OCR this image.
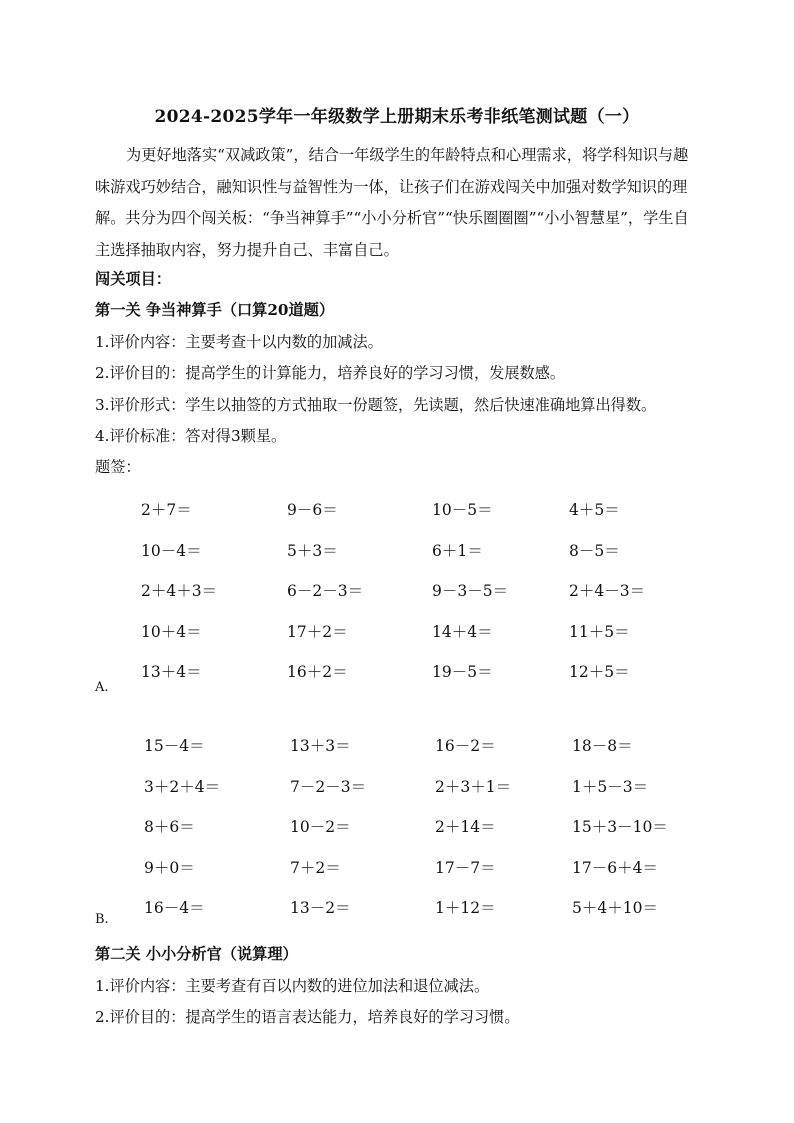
2024-2025学年一年级数学上册期末乐考非纸笔测试题（一）

为更好地落实“双减政策”，结合一年级学生的年龄特点和心理需求，将学科知识与趣味游戏巧妙结合，融知识性与益智性为一体，让孩子们在游戏闯关中加强对数学知识的理解。共分为四个闯关板：“争当神算手”“小小分析官”“快乐圈圈圈”“小小智慧星”，学生自主选择抽取内容，努力提升自己、丰富自己。

闯关项目：
第一关 争当神算手（口算20道题）
1.评价内容：主要考查十以内数的加减法。
2.评价目的：提高学生的计算能力，培养良好的学习习惯，发展数感。
3.评价形式：学生以抽签的方式抽取一份题签，先读题，然后快速准确地算出得数。
4.评价标准：答对得3颗星。
题签：
2＋7＝	9－6＝	10－5＝	4＋5＝
10－4＝	5＋3＝	6＋1＝	8－5＝
2＋4＋3＝	6－2－3＝	9－3－5＝	2＋4－3＝
10＋4＝	17＋2＝	14＋4＝	11＋5＝
13＋4＝	16＋2＝	19－5＝	12＋5＝
A.
15－4＝	13＋3＝	16－2＝	18－8＝
3＋2＋4＝	7－2－3＝	2＋3＋1＝	1＋5－3＝
8＋6＝	10－2＝	2＋14＝	15＋3－10＝
9＋0＝	7＋2＝	17－7＝	17－6＋4＝
16－4＝	13－2＝	1＋12＝	5＋4＋10＝
B.
第二关 小小分析官（说算理）
1.评价内容：主要考查有百以内数的进位加法和退位减法。
2.评价目的：提高学生的语言表达能力，培养良好的学习习惯。
